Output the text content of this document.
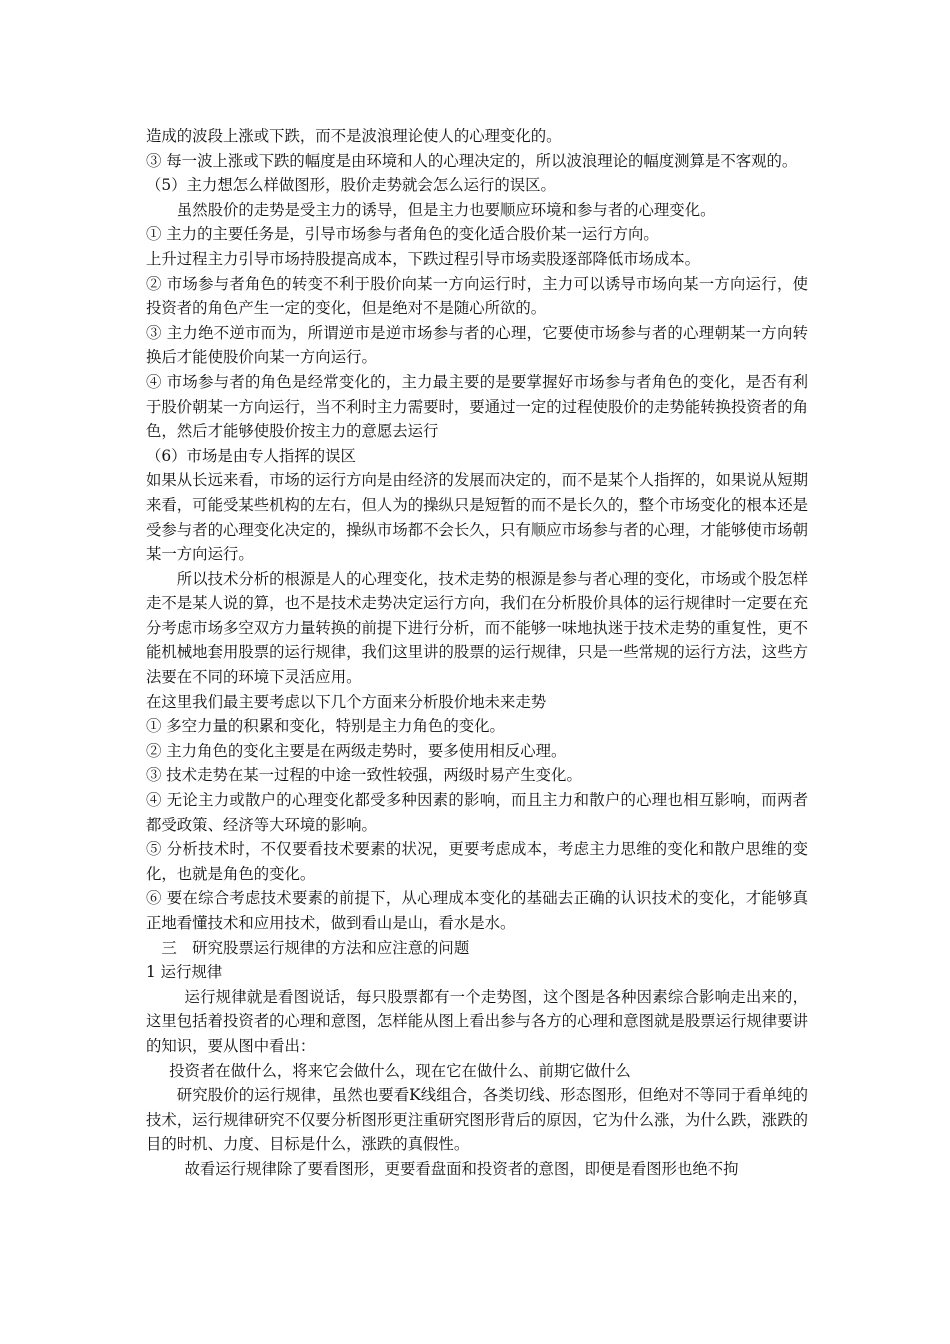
造成的波段上涨或下跌，而不是波浪理论使人的心理变化的。

③ 每一波上涨或下跌的幅度是由环境和人的心理决定的，所以波浪理论的幅度测算是不客观的。

（5）主力想怎么样做图形，股价走势就会怎么运行的误区。

虽然股价的走势是受主力的诱导，但是主力也要顺应环境和参与者的心理变化。

① 主力的主要任务是，引导市场参与者角色的变化适合股价某一运行方向。

上升过程主力引导市场持股提高成本，下跌过程引导市场卖股逐部降低市场成本。

② 市场参与者角色的转变不利于股价向某一方向运行时，主力可以诱导市场向某一方向运行，使投资者的角色产生一定的变化，但是绝对不是随心所欲的。

③ 主力绝不逆市而为，所谓逆市是逆市场参与者的心理，它要使市场参与者的心理朝某一方向转换后才能使股价向某一方向运行。

④ 市场参与者的角色是经常变化的，主力最主要的是要掌握好市场参与者角色的变化，是否有利于股价朝某一方向运行，当不利时主力需要时，要通过一定的过程使股价的走势能转换投资者的角色，然后才能够使股价按主力的意愿去运行

（6）市场是由专人指挥的误区

如果从长远来看，市场的运行方向是由经济的发展而决定的，而不是某个人指挥的，如果说从短期来看，可能受某些机构的左右，但人为的操纵只是短暂的而不是长久的，整个市场变化的根本还是受参与者的心理变化决定的，操纵市场都不会长久，只有顺应市场参与者的心理，才能够使市场朝某一方向运行。

所以技术分析的根源是人的心理变化，技术走势的根源是参与者心理的变化，市场或个股怎样走不是某人说的算，也不是技术走势决定运行方向，我们在分析股价具体的运行规律时一定要在充分考虑市场多空双方力量转换的前提下进行分析，而不能够一味地执迷于技术走势的重复性，更不能机械地套用股票的运行规律，我们这里讲的股票的运行规律，只是一些常规的运行方法，这些方法要在不同的环境下灵活应用。

在这里我们最主要考虑以下几个方面来分析股价地未来走势

① 多空力量的积累和变化，特别是主力角色的变化。

② 主力角色的变化主要是在两级走势时，要多使用相反心理。

③ 技术走势在某一过程的中途一致性较强，两级时易产生变化。

④ 无论主力或散户的心理变化都受多种因素的影响，而且主力和散户的心理也相互影响，而两者都受政策、经济等大环境的影响。

⑤ 分析技术时，不仅要看技术要素的状况，更要考虑成本，考虑主力思维的变化和散户思维的变化，也就是角色的变化。

⑥ 要在综合考虑技术要素的前提下，从心理成本变化的基础去正确的认识技术的变化，才能够真正地看懂技术和应用技术，做到看山是山，看水是水。

三　研究股票运行规律的方法和应注意的问题

1 运行规律

运行规律就是看图说话，每只股票都有一个走势图，这个图是各种因素综合影响走出来的，这里包括着投资者的心理和意图，怎样能从图上看出参与各方的心理和意图就是股票运行规律要讲的知识，要从图中看出：

投资者在做什么，将来它会做什么，现在它在做什么、前期它做什么

研究股价的运行规律，虽然也要看K线组合，各类切线、形态图形，但绝对不等同于看单纯的技术，运行规律研究不仅要分析图形更注重研究图形背后的原因，它为什么涨，为什么跌，涨跌的目的时机、力度、目标是什么，涨跌的真假性。

故看运行规律除了要看图形，更要看盘面和投资者的意图，即便是看图形也绝不拘
